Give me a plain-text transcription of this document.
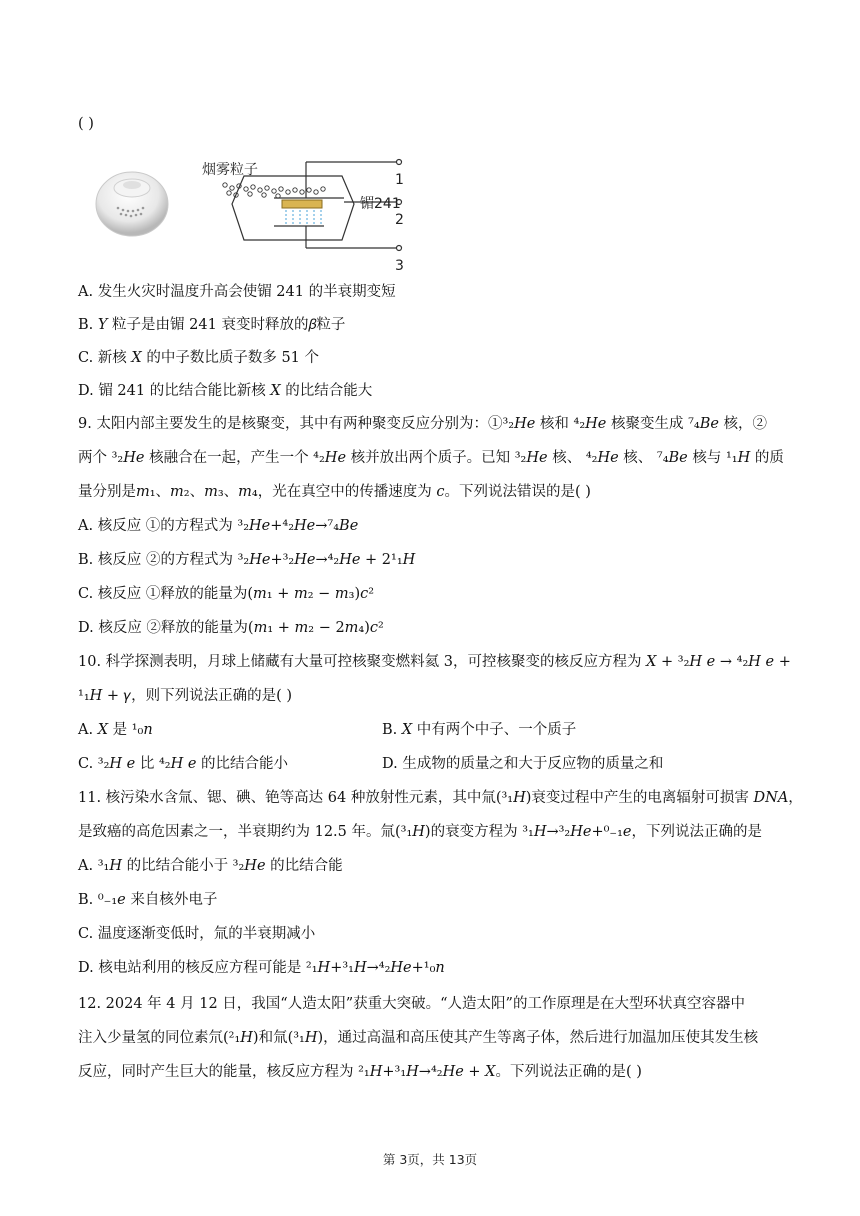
( )
烟雾粒子
镅241
1
2
3
A. 发生火灾时温度升高会使镅 241 的半衰期变短
B. 𝑌 粒子是由镅 241 衰变时释放的𝛽粒子
C. 新核 𝑋 的中子数比质子数多 51 个
D. 镅 241 的比结合能比新核 𝑋 的比结合能大
9. 太阳内部主要发生的是核聚变，其中有两种聚变反应分别为：①³₂𝐻𝑒 核和 ⁴₂𝐻𝑒 核聚变生成 ⁷₄𝐵𝑒 核，②
两个 ³₂𝐻𝑒 核融合在一起，产生一个 ⁴₂𝐻𝑒 核并放出两个质子。已知 ³₂𝐻𝑒 核、 ⁴₂𝐻𝑒 核、 ⁷₄𝐵𝑒 核与 ¹₁𝐻 的质
量分别是𝑚₁、𝑚₂、𝑚₃、𝑚₄，光在真空中的传播速度为 𝑐。下列说法错误的是( )
A. 核反应 ①的方程式为 ³₂𝐻𝑒+⁴₂𝐻𝑒→⁷₄𝐵𝑒
B. 核反应 ②的方程式为 ³₂𝐻𝑒+³₂𝐻𝑒→⁴₂𝐻𝑒 + 2¹₁𝐻
C. 核反应 ①释放的能量为(𝑚₁ + 𝑚₂ − 𝑚₃)𝑐²
D. 核反应 ②释放的能量为(𝑚₁ + 𝑚₂ − 2𝑚₄)𝑐²
10. 科学探测表明，月球上储藏有大量可控核聚变燃料氦 3，可控核聚变的核反应方程为 𝑋 + ³₂𝐻 𝑒 → ⁴₂𝐻 𝑒 +
¹₁𝐻 + 𝛾，则下列说法正确的是( )
A. 𝑋 是 ¹₀𝑛	B. 𝑋 中有两个中子、一个质子
C. ³₂𝐻 𝑒 比 ⁴₂𝐻 𝑒 的比结合能小	D. 生成物的质量之和大于反应物的质量之和
11. 核污染水含氚、锶、碘、铯等高达 64 种放射性元素，其中氚(³₁𝐻)衰变过程中产生的电离辐射可损害 𝐷𝑁𝐴，
是致癌的高危因素之一，半衰期约为 12.5 年。氚(³₁𝐻)的衰变方程为 ³₁𝐻→³₂𝐻𝑒+⁰₋₁𝑒，下列说法正确的是
A. ³₁𝐻 的比结合能小于 ³₂𝐻𝑒 的比结合能
B. ⁰₋₁𝑒 来自核外电子
C. 温度逐渐变低时，氚的半衰期减小
D. 核电站利用的核反应方程可能是 ²₁𝐻+³₁𝐻→⁴₂𝐻𝑒+¹₀𝑛
12. 2024 年 4 月 12 日，我国“人造太阳”获重大突破。“人造太阳”的工作原理是在大型环状真空容器中
注入少量氢的同位素氘(²₁𝐻)和氚(³₁𝐻)，通过高温和高压使其产生等离子体，然后进行加温加压使其发生核
反应，同时产生巨大的能量，核反应方程为 ²₁𝐻+³₁𝐻→⁴₂𝐻𝑒 + 𝑋。下列说法正确的是( )
第 3页，共 13页
